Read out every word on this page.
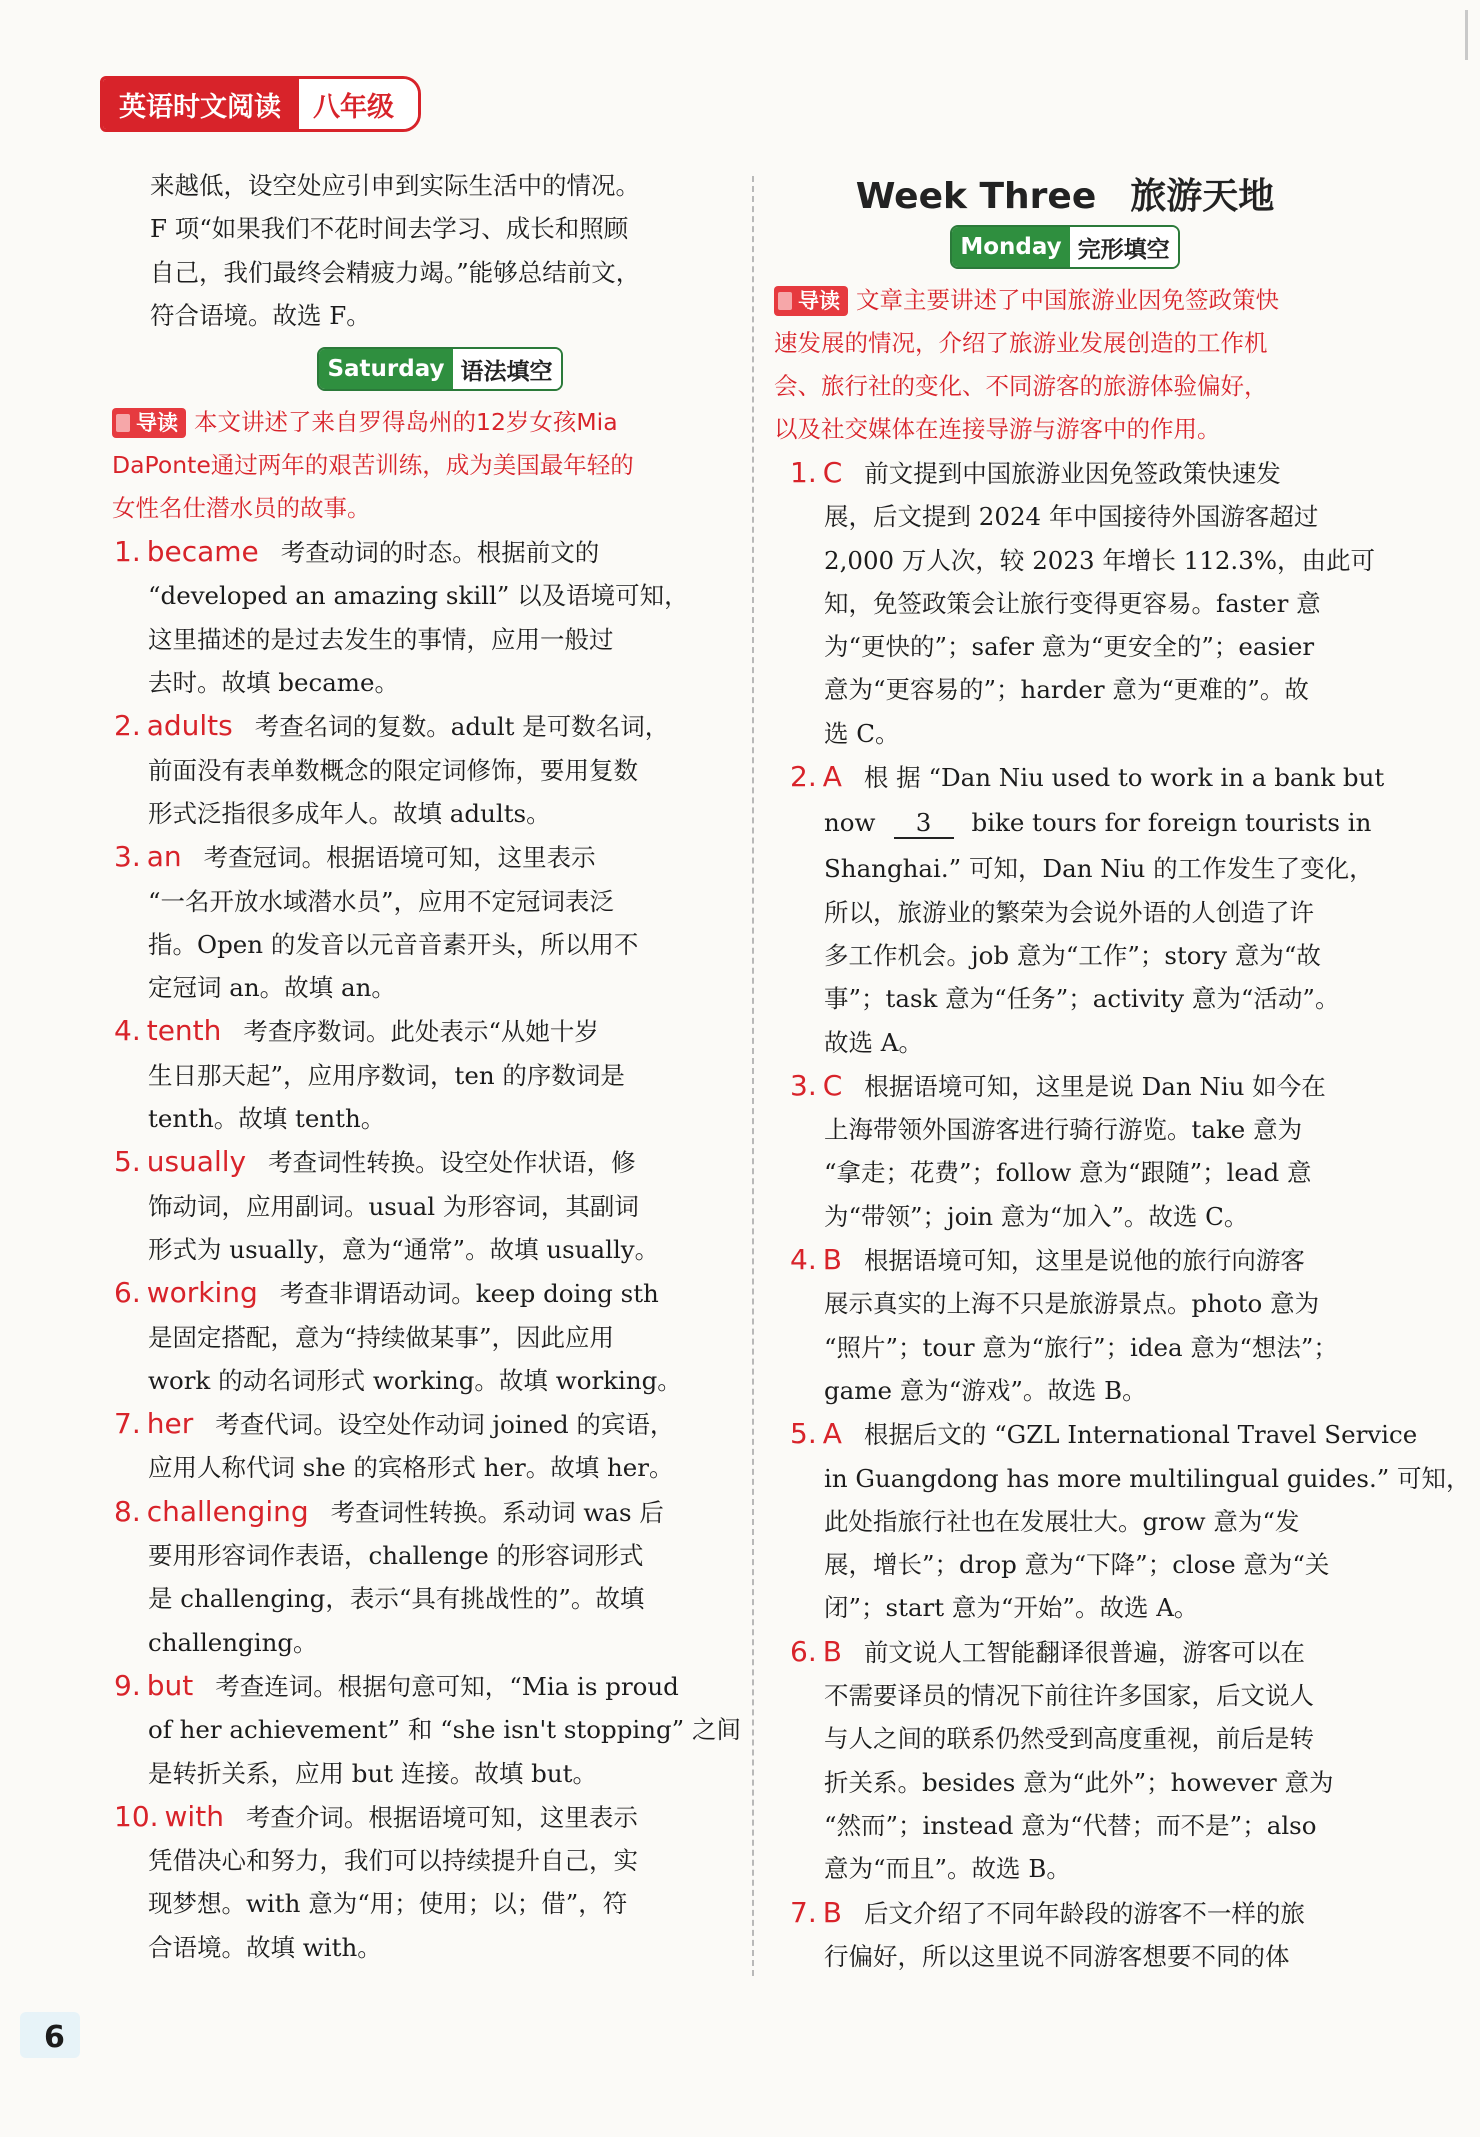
英语时文阅读	八年级

来越低，设空处应引申到实际生活中的情况。

F 项“如果我们不花时间去学习、成长和照顾

自己，我们最终会精疲力竭。”能够总结前文，

符合语境。故选 F。

Saturday 语法填空

导读 本文讲述了来自罗得岛州的12岁女孩Mia

DaPonte通过两年的艰苦训练，成为美国最年轻的

女性名仕潜水员的故事。

1. became 考查动词的时态。根据前文的

“developed an amazing skill” 以及语境可知，

这里描述的是过去发生的事情，应用一般过

去时。故填 became。

2. adults 考查名词的复数。adult 是可数名词，

前面没有表单数概念的限定词修饰，要用复数

形式泛指很多成年人。故填 adults。

3. an 考查冠词。根据语境可知，这里表示

“一名开放水域潜水员”，应用不定冠词表泛

指。Open 的发音以元音音素开头，所以用不

定冠词 an。故填 an。

4. tenth 考查序数词。此处表示“从她十岁

生日那天起”，应用序数词，ten 的序数词是

tenth。故填 tenth。

5. usually 考查词性转换。设空处作状语，修

饰动词，应用副词。usual 为形容词，其副词

形式为 usually，意为“通常”。故填 usually。

6. working 考查非谓语动词。keep doing sth

是固定搭配，意为“持续做某事”，因此应用

work 的动名词形式 working。故填 working。

7. her 考查代词。设空处作动词 joined 的宾语，

应用人称代词 she 的宾格形式 her。故填 her。

8. challenging 考查词性转换。系动词 was 后

要用形容词作表语，challenge 的形容词形式

是 challenging，表示“具有挑战性的”。故填

challenging。

9. but 考查连词。根据句意可知，“Mia is proud

of her achievement” 和 “she isn't stopping” 之间

是转折关系，应用 but 连接。故填 but。

10. with 考查介词。根据语境可知，这里表示

凭借决心和努力，我们可以持续提升自己，实

现梦想。with 意为“用；使用；以；借”，符

合语境。故填 with。

Week Three 旅游天地
Monday 完形填空

导读 文章主要讲述了中国旅游业因免签政策快

速发展的情况，介绍了旅游业发展创造的工作机

会、旅行社的变化、不同游客的旅游体验偏好，

以及社交媒体在连接导游与游客中的作用。

1. C 前文提到中国旅游业因免签政策快速发

展，后文提到 2024 年中国接待外国游客超过

2,000 万人次，较 2023 年增长 112.3%，由此可

知，免签政策会让旅行变得更容易。faster 意

为“更快的”；safer 意为“更安全的”；easier

意为“更容易的”；harder 意为“更难的”。故

选 C。

2. A 根 据 “Dan Niu used to work in a bank but

now 3 bike tours for foreign tourists in

Shanghai.” 可知，Dan Niu 的工作发生了变化，

所以，旅游业的繁荣为会说外语的人创造了许

多工作机会。job 意为“工作”；story 意为“故

事”；task 意为“任务”；activity 意为“活动”。

故选 A。

3. C 根据语境可知，这里是说 Dan Niu 如今在

上海带领外国游客进行骑行游览。take 意为

“拿走；花费”；follow 意为“跟随”；lead 意

为“带领”；join 意为“加入”。故选 C。

4. B 根据语境可知，这里是说他的旅行向游客

展示真实的上海不只是旅游景点。photo 意为

“照片”；tour 意为“旅行”；idea 意为“想法”；

game 意为“游戏”。故选 B。

5. A 根据后文的 “GZL International Travel Service

in Guangdong has more multilingual guides.” 可知，

此处指旅行社也在发展壮大。grow 意为“发

展，增长”；drop 意为“下降”；close 意为“关

闭”；start 意为“开始”。故选 A。

6. B 前文说人工智能翻译很普遍，游客可以在

不需要译员的情况下前往许多国家，后文说人

与人之间的联系仍然受到高度重视，前后是转

折关系。besides 意为“此外”；however 意为

“然而”；instead 意为“代替；而不是”；also

意为“而且”。故选 B。

7. B 后文介绍了不同年龄段的游客不一样的旅

行偏好，所以这里说不同游客想要不同的体

6
